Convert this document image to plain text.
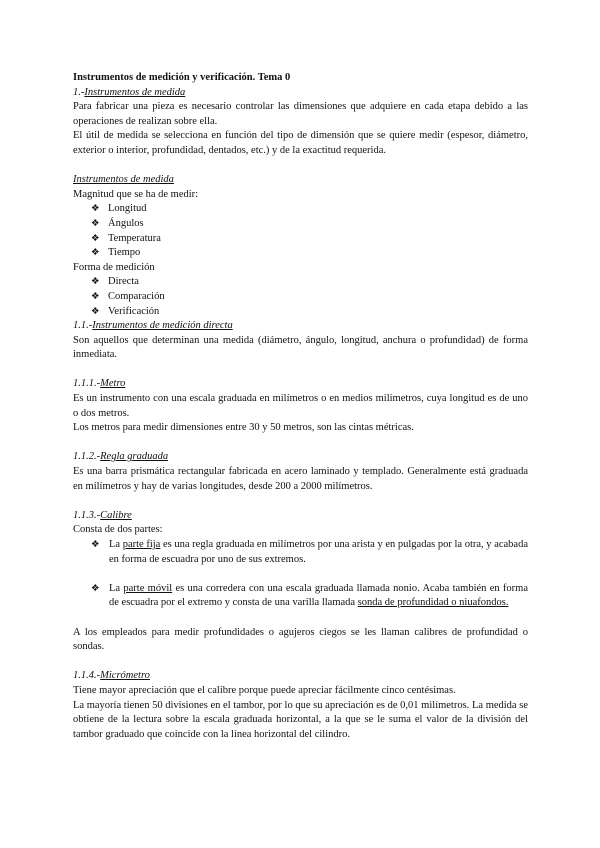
Instrumentos de medición y verificación. Tema 0

1.-Instrumentos de medida

Para fabricar una pieza es necesario controlar las dimensiones que adquiere en cada etapa debido a las operaciones de realizan sobre ella.

El útil de medida se selecciona en función del tipo de dimensión que se quiere medir (espesor, diámetro, exterior o interior, profundidad, dentados, etc.) y de la exactitud requerida.

Instrumentos de medida

Magnitud que se ha de medir:

❖ Longitud
❖ Ángulos
❖ Temperatura
❖ Tiempo

Forma de medición

❖ Directa
❖ Comparación
❖ Verificación

1.1.-Instrumentos de medición directa

Son aquellos que determinan una medida (diámetro, ángulo, longitud, anchura o profundidad) de forma inmediata.

1.1.1.-Metro

Es un instrumento con una escala graduada en milímetros o en medios milímetros, cuya longitud es de uno o dos metros.

Los metros para medir dimensiones entre 30 y 50 metros, son las cintas métricas.

1.1.2.-Regla graduada

Es una barra prismática rectangular fabricada en acero laminado y templado. Generalmente está graduada en milímetros y hay de varias longitudes, desde 200 a 2000 milímetros.

1.1.3.-Calibre

Consta de dos partes:

❖ La parte fija es una regla graduada en milímetros por una arista y en pulgadas por la otra, y acabada en forma de escuadra por uno de sus extremos.
❖ La parte móvil es una corredera con una escala graduada llamada nonio. Acaba también en forma de escuadra por el extremo y consta de una varilla llamada sonda de profundidad o niuafondos.

A los empleados para medir profundidades o agujeros ciegos se les llaman calibres de profundidad o sondas.

1.1.4.-Micrómetro

Tiene mayor apreciación que el calibre porque puede apreciar fácilmente cinco centésimas.

La mayoría tienen 50 divisiones en el tambor, por lo que su apreciación es de 0,01 milímetros. La medida se obtiene de la lectura sobre la escala graduada horizontal, a la que se le suma el valor de la división del tambor graduado que coincide con la línea horizontal del cilindro.
